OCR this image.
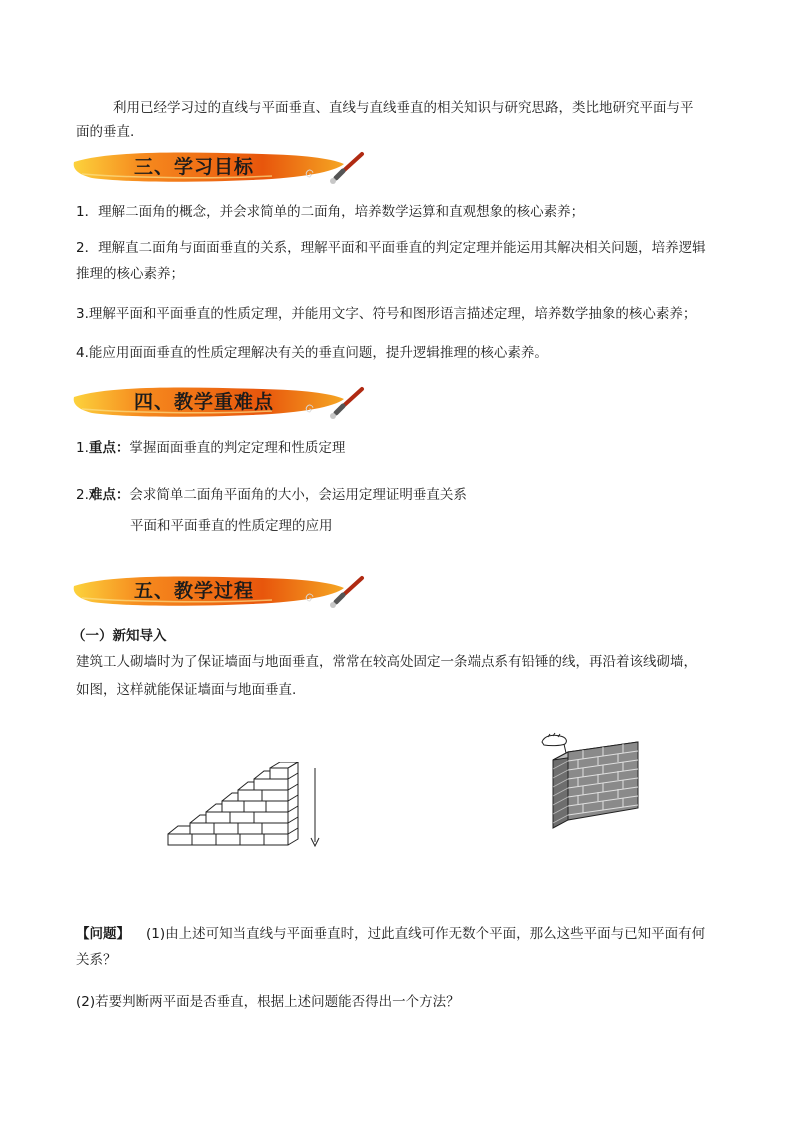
利用已经学习过的直线与平面垂直、直线与直线垂直的相关知识与研究思路，类比地研究平面与平
面的垂直.
G
三、学习目标
1．理解二面角的概念，并会求简单的二面角，培养数学运算和直观想象的核心素养；
2．理解直二面角与面面垂直的关系，理解平面和平面垂直的判定定理并能运用其解决相关问题，培养逻辑
推理的核心素养；
3.理解平面和平面垂直的性质定理，并能用文字、符号和图形语言描述定理，培养数学抽象的核心素养；
4.能应用面面垂直的性质定理解决有关的垂直问题，提升逻辑推理的核心素养。
G
四、教学重难点
1.重点：掌握面面垂直的判定定理和性质定理
2.难点：会求简单二面角平面角的大小，会运用定理证明垂直关系
平面和平面垂直的性质定理的应用
G
五、教学过程
（一）新知导入
建筑工人砌墙时为了保证墙面与地面垂直，常常在较高处固定一条端点系有铅锤的线，再沿着该线砌墙，
如图，这样就能保证墙面与地面垂直.
【问题】 (1)由上述可知当直线与平面垂直时，过此直线可作无数个平面，那么这些平面与已知平面有何
关系？
(2)若要判断两平面是否垂直，根据上述问题能否得出一个方法？
